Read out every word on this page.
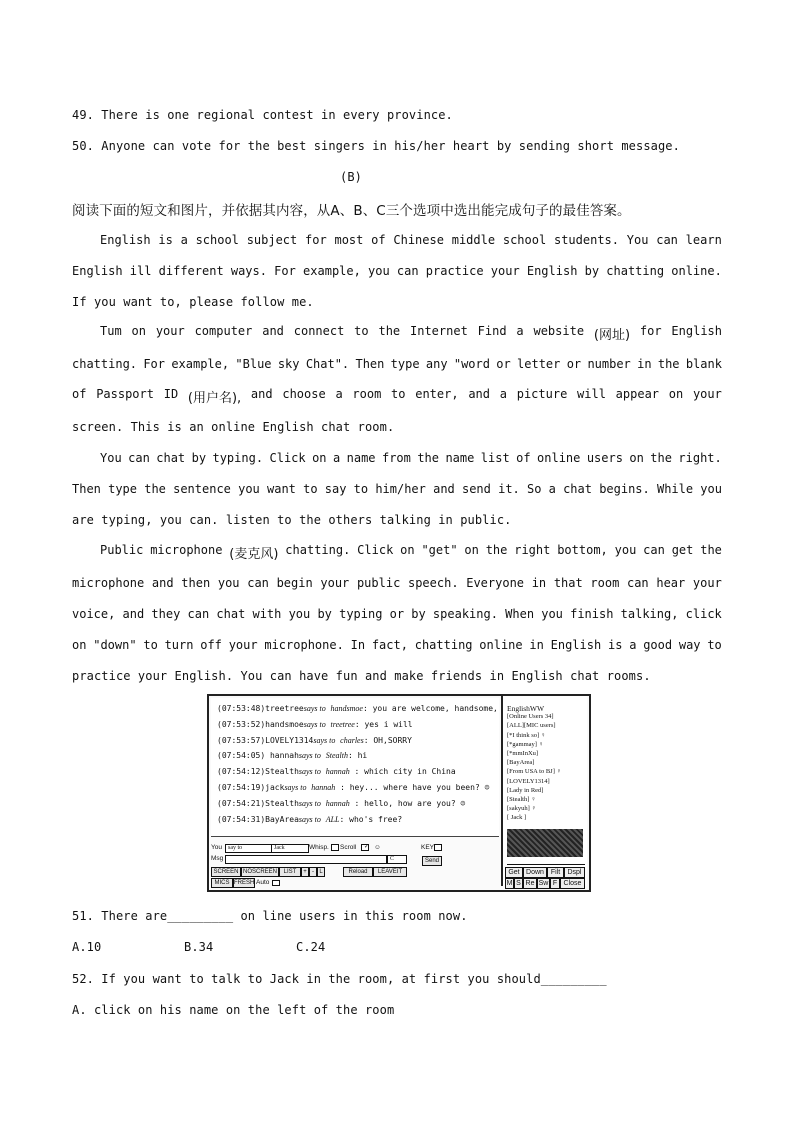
49. There is one regional contest in every province.
50. Anyone can vote for the best singers in his/her heart by sending short message.
(B)
阅读下面的短文和图片，并依据其内容，从A、B、C三个选项中选出能完成句子的最佳答案。
English is a school subject for most of Chinese middle school students. You can learn
English ill different ways. For example, you can practice your English by chatting online.
If you want to, please follow me.
Tum on your computer and connect to the Internet Find a website (网址) for English
chatting. For example, "Blue sky Chat". Then type any "word or letter or number in the blank
of Passport ID (用户名), and choose a room to enter, and a picture will appear on your
screen. This is an online English chat room.
You can chat by typing. Click on a name from the name list of online users on the right.
Then type the sentence you want to say to him/her and send it. So a chat begins. While you
are typing, you can. listen to the others talking in public.
Public microphone (麦克风) chatting. Click on "get" on the right bottom, you can get the
microphone and then you can begin your public speech. Everyone in that room can hear your
voice, and they can chat with you by typing or by speaking. When you finish talking, click
on "down" to turn off your microphone. In fact, chatting online in English is a good way to
practice your English. You can have fun and make friends in English chat rooms.
(07:53:48)treetreesays to handsmoe: you are welcome, handsome,
(07:53:52)handsmoesays to treetree: yes i will
(07:53:57)LOVELY1314says to charles: OH,SORRY
(07:54:05) hannahsays to Stealth: hi
(07:54:12)Stealthsays to hannah : which city in China
(07:54:19)jacksays to hannah : hey... where have you been? ☺
(07:54:21)Stealthsays to hannah : hello, how are you? ☺
(07:54:31)BayAreasays to ALL: who's free?
You	say to	Jack	Whisp. Scroll	✓ ☺	KEY
Msg	C	Send
SCREEN NOSCREEN	LIST	+ - L	Reload	LEAVEIT
MICS FRESH Auto
EnglishWW
[Online Users 34]
[ALL][MIC users]
[*I think so] ♀
[*gammay] ♀
[*mmInXu]
[BayArea]
[From USA to BJ] ♀
[LOVELY1314]
[Lady in Red]
[Stealth] ♀
[sakyuh] ♀
[ Jack ]
Get Down Filt	Dspl
M S Re Sw F Close
51. There are_________ on line users in this room now.
A.10	B.34	C.24
52. If you want to talk to Jack in the room, at first you should_________
A. click on his name on the left of the room
